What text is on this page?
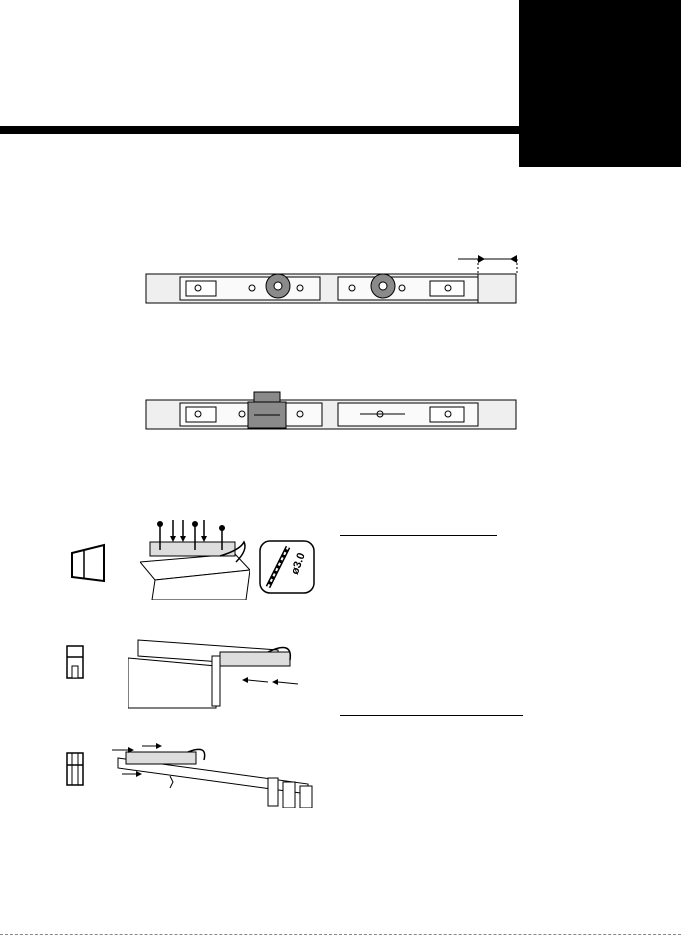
ø3.0
